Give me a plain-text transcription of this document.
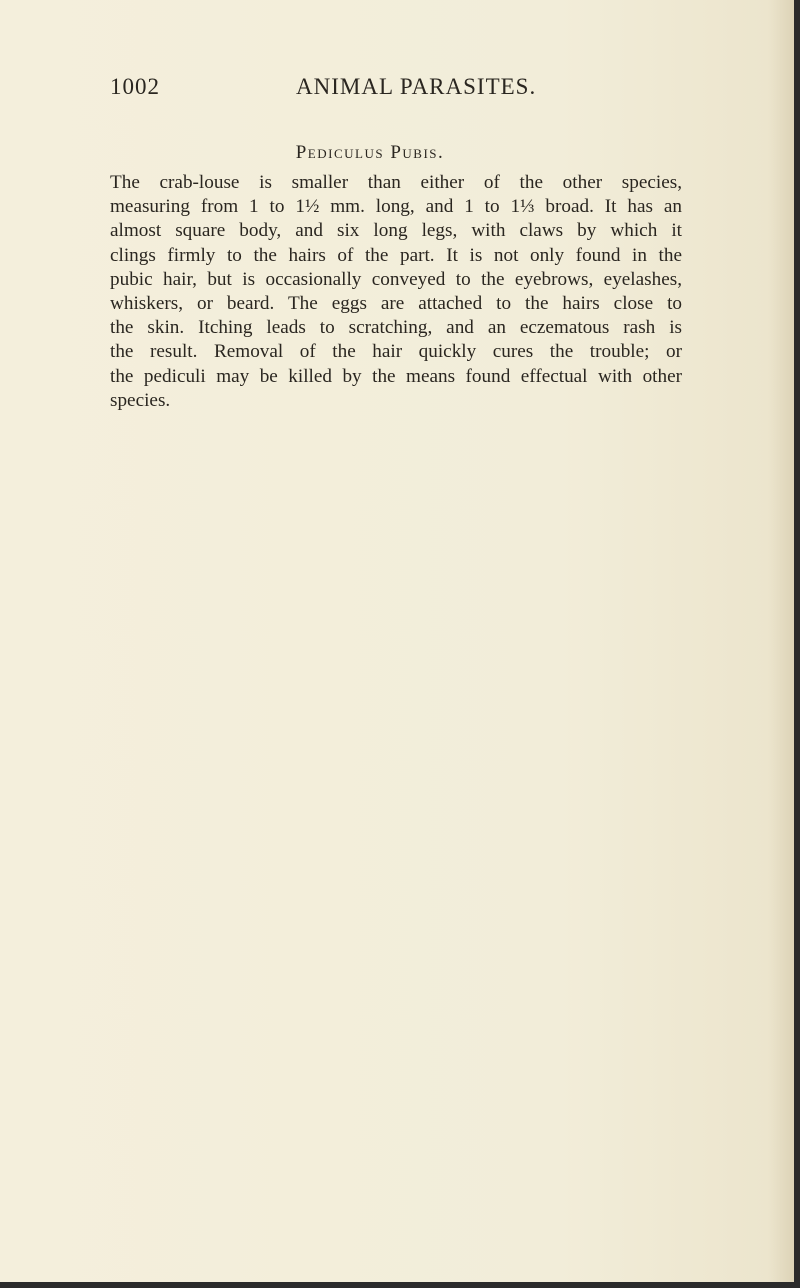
1002	ANIMAL PARASITES.
Pediculus Pubis.
The crab-louse is smaller than either of the other species,
measuring from 1 to 1½ mm. long, and 1 to 1⅓ broad. It has an
almost square body, and six long legs, with claws by which it
clings firmly to the hairs of the part. It is not only found in the
pubic hair, but is occasionally conveyed to the eyebrows, eyelashes,
whiskers, or beard. The eggs are attached to the hairs close to
the skin. Itching leads to scratching, and an eczematous rash is
the result. Removal of the hair quickly cures the trouble; or
the pediculi may be killed by the means found effectual with other
species.
